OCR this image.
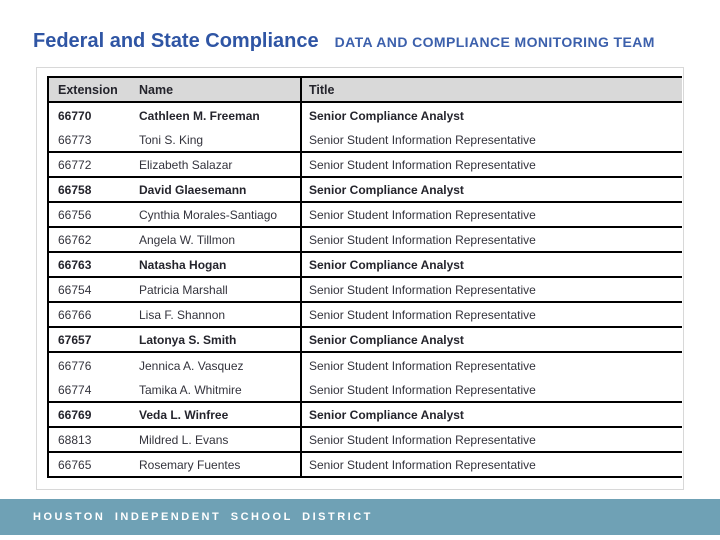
Federal and State Compliance DATA AND COMPLIANCE MONITORING TEAM
Extension	Name	Title
66770	Cathleen M. Freeman	Senior Compliance Analyst
66773	Toni S. King	Senior Student Information Representative
66772	Elizabeth Salazar	Senior Student Information Representative
66758	David Glaesemann	Senior Compliance Analyst
66756	Cynthia Morales-Santiago	Senior Student Information Representative
66762	Angela W. Tillmon	Senior Student Information Representative
66763	Natasha Hogan	Senior Compliance Analyst
66754	Patricia Marshall	Senior Student Information Representative
66766	Lisa F. Shannon	Senior Student Information Representative
67657	Latonya S. Smith	Senior Compliance Analyst
66776	Jennica A. Vasquez	Senior Student Information Representative
66774	Tamika A. Whitmire	Senior Student Information Representative
66769	Veda L. Winfree	Senior Compliance Analyst
68813	Mildred L. Evans	Senior Student Information Representative
66765	Rosemary Fuentes	Senior Student Information Representative
HOUSTON INDEPENDENT SCHOOL DISTRICT
